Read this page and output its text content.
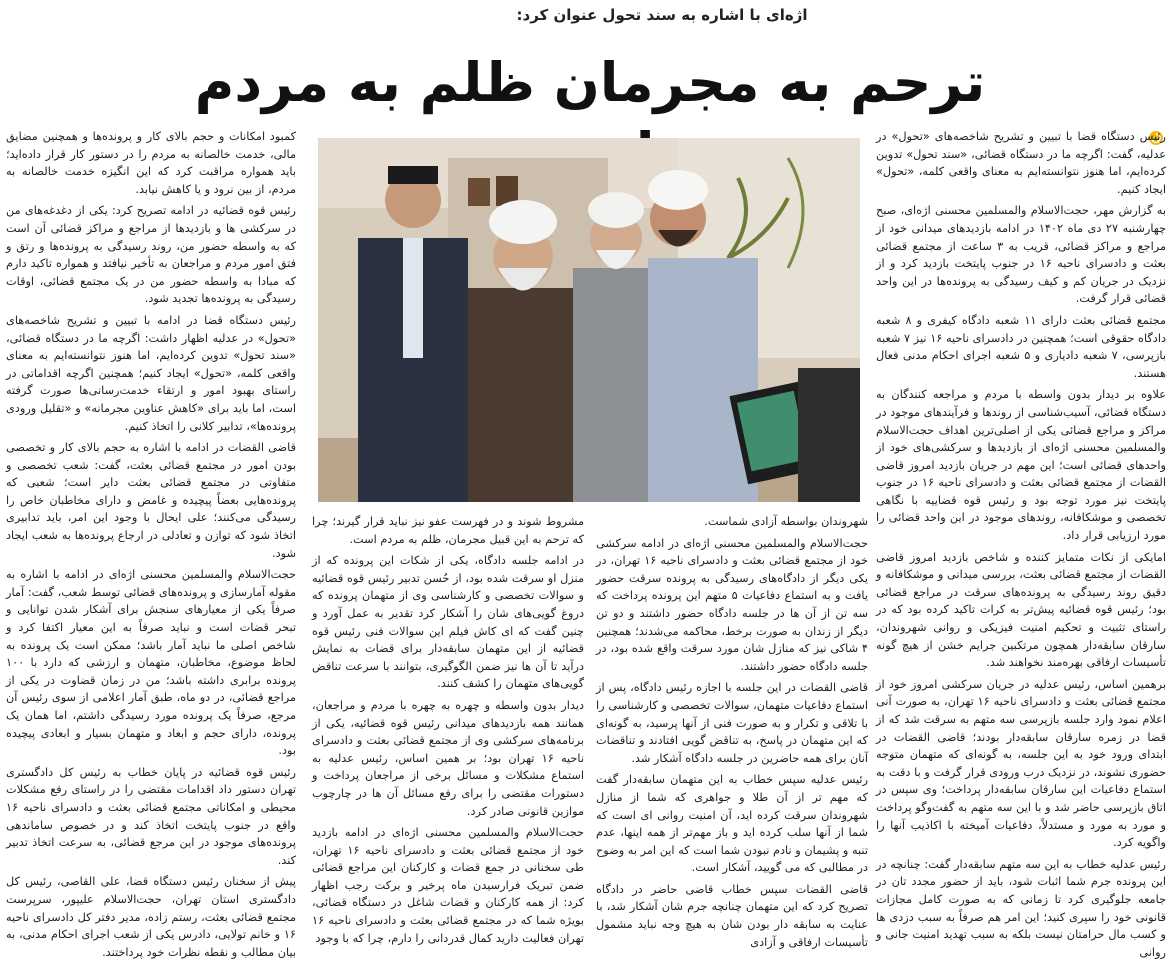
اژه‌ای با اشاره به سند تحول عنوان کرد:
ترحم به مجرمان ظلم به مردم

رئیس دستگاه قضا با تبیین و تشریح شاخصه‌های «تحول» در عدلیه، گفت: اگرچه ما در دستگاه قضائی، «سند تحول» تدوین کرده‌ایم، اما هنوز نتوانسته‌ایم به معنای واقعی کلمه، «تحول» ایجاد کنیم.

به گزارش مهر، حجت‌الاسلام والمسلمین محسنی اژه‌ای، صبح چهارشنبه ۲۷ دی ماه ۱۴۰۲ در ادامه بازدیدهای میدانی خود از مراجع و مراکز قضائی، قریب به ۳ ساعت از مجتمع قضائی بعثت و دادسرای ناحیه ۱۶ در جنوب پایتخت بازدید کرد و از نزدیک در جریان کم و کیف رسیدگی به پرونده‌ها در این واحد قضائی قرار گرفت.

مجتمع قضائی بعثت دارای ۱۱ شعبه دادگاه کیفری و ۸ شعبه دادگاه حقوقی است؛ همچنین در دادسرای ناحیه ۱۶ نیز ۷ شعبه بازپرسی، ۷ شعبه دادیاری و ۵ شعبه اجرای احکام مدنی فعال هستند.

علاوه بر دیدار بدون واسطه با مردم و مراجعه کنندگان به دستگاه قضائی، آسیب‌شناسی از روندها و فرآیندهای موجود در مراکز و مراجع قضائی یکی از اصلی‌ترین اهداف حجت‌الاسلام والمسلمین محسنی اژه‌ای از بازدیدها و سرکشی‌های خود از واحدهای قضائی است؛ این مهم در جریان بازدید امروز قاضی القضات از مجتمع قضائی بعثت و دادسرای ناحیه ۱۶ در جنوب پایتخت نیز مورد توجه بود و رئیس قوه قضاییه با نگاهی تخصصی و موشکافانه، روندهای موجود در این واحد قضائی را مورد ارزیابی قرار داد.

امایکی از نکات متمایز کننده و شاخص بازدید امروز قاضی القضات از مجتمع قضائی بعثت، بررسی میدانی و موشکافانه و دقیق روند رسیدگی به پرونده‌های سرقت در مراجع قضائی بود؛ رئیس قوه قضائیه پیش‌تر به کرات تاکید کرده بود که در راستای تثبیت و تحکیم امنیت فیزیکی و روانی شهروندان، سارقان سابقه‌دار همچون مرتکبین جرایم خشن از هیچ گونه تأسیسات ارفاقی بهره‌مند نخواهند شد.

برهمین اساس، رئیس عدلیه در جریان سرکشی امروز خود از مجتمع قضائی بعثت و دادسرای ناحیه ۱۶ تهران، به صورت آنی اعلام نمود وارد جلسه بازپرسی سه متهم به سرقت شد که از قضا در زمره سارقان سابقه‌دار بودند؛ قاضی القضات در ابتدای ورود خود به این جلسه، به گونه‌ای که متهمان متوجه حضوری نشوند، در نزدیک درب ورودی قرار گرفت و با دقت به استماع دفاعیات این سارقان سابقه‌دار پرداخت؛ وی سپس در اتاق بازپرسی حاضر شد و با این سه متهم به گفت‌وگو پرداخت و مورد به مورد و مستدلاً، دفاعیات آمیخته با اکاذیب آنها را واگویه کرد.

رئیس عدلیه خطاب به این سه متهم سابقه‌دار گفت: چنانچه در این پرونده جرم شما اثبات شود، باید از حضور مجدد تان در جامعه جلوگیری کرد تا زمانی که به صورت کامل مجازات قانونی خود را سپری کنید؛ این امر هم صرفاً به سبب دزدی ها و کسب مال حرامتان نیست بلکه به سبب تهدید امنیت جانی و روانی

کمبود امکانات و حجم بالای کار و پرونده‌ها و همچنین مضایق مالی، خدمت خالصانه به مردم را در دستور کار قرار داده‌اید؛ باید همواره مراقبت کرد که این انگیزه خدمت خالصانه به مردم، از بین نرود و یا کاهش نیابد.

رئیس قوه قضائیه در ادامه تصریح کرد: یکی از دغدغه‌های من در سرکشی ها و بازدیدها از مراجع و مراکز قضائی آن است که به واسطه حضور من، روند رسیدگی به پرونده‌ها و رتق و فتق امور مردم و مراجعان به تأخیر نیافتد و همواره تاکید دارم که مبادا به واسطه حضور من در یک مجتمع قضائی، اوقات رسیدگی به پرونده‌ها تجدید شود.

رئیس دستگاه قضا در ادامه با تبیین و تشریح شاخصه‌های «تحول» در عدلیه اظهار داشت: اگرچه ما در دستگاه قضائی، «سند تحول» تدوین کرده‌ایم، اما هنوز نتوانسته‌ایم به معنای واقعی کلمه، «تحول» ایجاد کنیم؛ همچنین اگرچه اقداماتی در راستای بهبود امور و ارتقاء خدمت‌رسانی‌ها صورت گرفته است، اما باید برای «کاهش عناوین مجرمانه» و «تقلیل ورودی پرونده‌ها»، تدابیر کلانی را اتخاذ کنیم.

قاضی القضات در ادامه با اشاره به حجم بالای کار و تخصصی بودن امور در مجتمع قضائی بعثت، گفت: شعب تخصصی و متفاوتی در مجتمع قضائی بعثت دایر است؛ شعبی که پرونده‌هایی بعضاً پیچیده و غامض و دارای مخاطبان خاص را رسیدگی می‌کنند؛ علی ایحال با وجود این امر، باید تدابیری اتخاذ شود که توازن و تعادلی در ارجاع پرونده‌ها به شعب ایجاد شود.

حجت‌الاسلام والمسلمین محسنی اژه‌ای در ادامه با اشاره به مقوله آمارسازی و پرونده‌های قضائی توسط شعب، گفت: آمار صرفاً یکی از معیارهای سنجش برای آشکار شدن توانایی و تبحر قضات است و نباید صرفاً به این معیار اکتفا کرد و شاخص اصلی ما نباید آمار باشد؛ ممکن است یک پرونده به لحاظ موضوع، مخاطبان، متهمان و ارزشی که دارد با ۱۰۰ پرونده برابری داشته باشد؛ من در زمان قضاوت در یکی از مراجع قضائی، در دو ماه، طبق آمار اعلامی از سوی رئیس آن مرجع، صرفاً یک پرونده مورد رسیدگی داشتم، اما همان یک پرونده، دارای حجم و ابعاد و متهمان بسیار و ابعادی پیچیده بود.

رئیس قوه قضائیه در پایان خطاب به رئیس کل دادگستری تهران دستور داد اقدامات مقتضی را در راستای رفع مشکلات محیطی و امکاناتی مجتمع قضائی بعثت و دادسرای ناحیه ۱۶ واقع در جنوب پایتخت اتخاذ کند و در خصوص ساماندهی پرونده‌های موجود در این مرجع قضائی، به سرعت اتخاذ تدبیر کند.

پیش از سخنان رئیس دستگاه قضا، علی القاصی، رئیس کل دادگستری استان تهران، حجت‌الاسلام علیپور، سرپرست مجتمع قضائی بعثت، رستم زاده، مدیر دفتر کل دادسرای ناحیه ۱۶ و خانم تولایی، دادرس یکی از شعب اجرای احکام مدنی، به بیان مطالب و نقطه نظرات خود پرداختند.

شهروندان بواسطه آزادی شماست.

حجت‌الاسلام والمسلمین محسنی اژه‌ای در ادامه سرکشی خود از مجتمع قضائی بعثت و دادسرای ناحیه ۱۶ تهران، در یکی دیگر از دادگاه‌های رسیدگی به پرونده سرقت حضور یافت و به استماع دفاعیات ۵ متهم این پرونده پرداخت که سه تن از آن ها در جلسه دادگاه حضور داشتند و دو تن دیگر از زندان به صورت برخط، محاکمه می‌شدند؛ همچنین ۴ شاکی نیز که منازل شان مورد سرقت واقع شده بود، در جلسه دادگاه حضور داشتند.

قاضی القضات در این جلسه با اجازه رئیس دادگاه، پس از استماع دفاعیات متهمان، سوالات تخصصی و کارشناسی را با تلاقی و تکرار و به صورت فنی از آنها پرسید، به گونه‌ای که این متهمان در پاسخ، به تناقض گویی افتادند و تناقضات آنان برای همه حاضرین در جلسه دادگاه آشکار شد.

رئیس عدلیه سپس خطاب به این متهمان سابقه‌دار گفت که مهم تر از آن طلا و جواهری که شما از منازل شهروندان سرقت کرده اید، آن امنیت روانی ای است که شما از آنها سلب کرده اید و باز مهم‌تر از همه اینها، عدم تنبه و پشیمان و نادم نبودن شما است که این امر به وضوح در مطالبی که می گویید، آشکار است.

قاضی القضات سپس خطاب قاضی حاضر در دادگاه تصریح کرد که این متهمان چنانچه جرم شان آشکار شد، با عنایت به سابقه دار بودن شان به هیچ وجه نباید مشمول تأسیسات ارفاقی و آزادی

مشروط شوند و در فهرست عفو نیز نباید قرار گیرند؛ چرا که ترحم به این قبیل مجرمان، ظلم به مردم است.

در ادامه جلسه دادگاه، یکی از شکات این پرونده که از منزل او سرقت شده بود، از حُسن تدبیر رئیس قوه قضائیه و سوالات تخصصی و کارشناسی وی از متهمان پرونده که دروغ گویی‌های شان را آشکار کرد تقدیر به عمل آورد و چنین گفت که ای کاش فیلم این سوالات فنی رئیس قوه قضائیه از این متهمان سابقه‌دار برای قضات به نمایش درآید تا آن ها نیز ضمن الگوگیری، بتوانند با سرعت تناقض گویی‌های متهمان را کشف کنند.

دیدار بدون واسطه و چهره به چهره با مردم و مراجعان، همانند همه بازدیدهای میدانی رئیس قوه قضائیه، یکی از برنامه‌های سرکشی وی از مجتمع قضائی بعثت و دادسرای ناحیه ۱۶ تهران بود؛ بر همین اساس، رئیس عدلیه به استماع مشکلات و مسائل برخی از مراجعان پرداخت و دستورات مقتضی را برای رفع مسائل آن ها در چارچوب موازین قانونی صادر کرد.

حجت‌الاسلام والمسلمین محسنی اژه‌ای در ادامه بازدید خود از مجتمع قضائی بعثت و دادسرای ناحیه ۱۶ تهران، طی سخنانی در جمع قضات و کارکنان این مراجع قضائی ضمن تبریک فرارسیدن ماه پرخیر و برکت رجب اظهار کرد: از همه کارکنان و قضات شاغل در دستگاه قضائی، بویژه شما که در مجتمع قضائی بعثت و دادسرای ناحیه ۱۶ تهران فعالیت دارید کمال قدردانی را دارم، چرا که با وجود
